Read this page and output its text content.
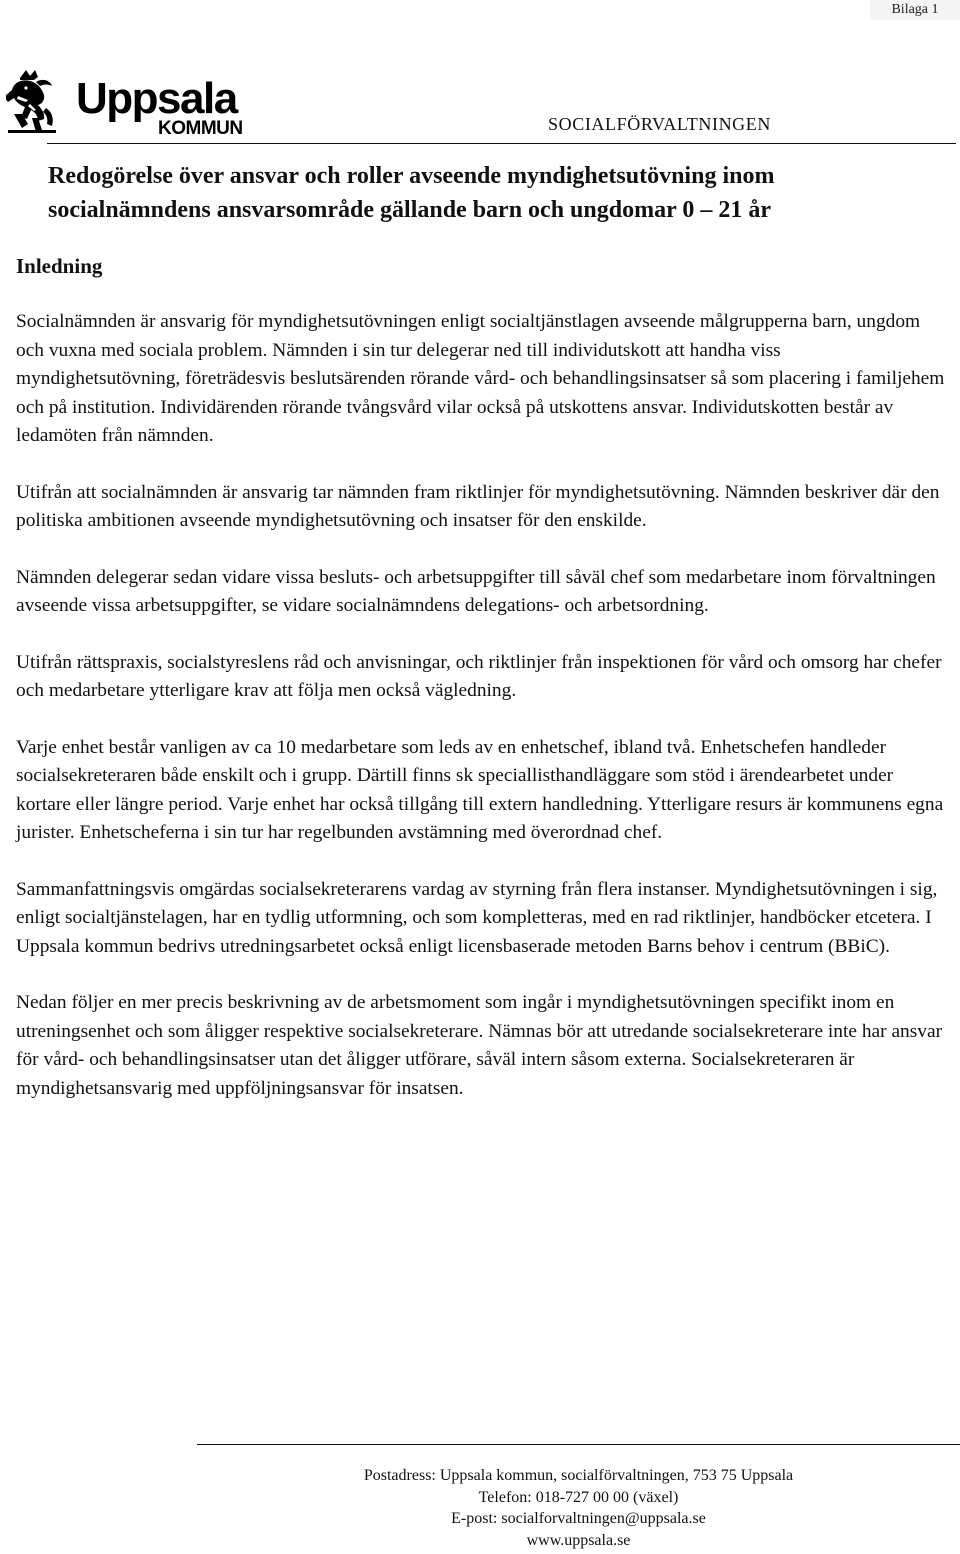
Bilaga 1
Uppsala
KOMMUN	SOCIALFÖRVALTNINGEN
Redogörelse över ansvar och roller avseende myndighetsutövning inom
socialnämndens ansvarsområde gällande barn och ungdomar 0 – 21 år
Inledning

Socialnämnden är ansvarig för myndighetsutövningen enligt socialtjänstlagen avseende målgrupperna barn, ungdom och vuxna med sociala problem. Nämnden i sin tur delegerar ned till individutskott att handha viss myndighetsutövning, företrädesvis beslutsärenden rörande vård- och behandlingsinsatser så som placering i familjehem och på institution. Individärenden rörande tvångsvård vilar också på utskottens ansvar. Individutskotten består av ledamöten från nämnden.

Utifrån att socialnämnden är ansvarig tar nämnden fram riktlinjer för myndighetsutövning. Nämnden beskriver där den politiska ambitionen avseende myndighetsutövning och insatser för den enskilde.

Nämnden delegerar sedan vidare vissa besluts- och arbetsuppgifter till såväl chef som medarbetare inom förvaltningen avseende vissa arbetsuppgifter, se vidare socialnämndens delegations- och arbetsordning.

Utifrån rättspraxis, socialstyreslens råd och anvisningar, och riktlinjer från inspektionen för vård och omsorg har chefer och medarbetare ytterligare krav att följa men också vägledning.

Varje enhet består vanligen av ca 10 medarbetare som leds av en enhetschef, ibland två. Enhetschefen handleder socialsekreteraren både enskilt och i grupp. Därtill finns sk speciallisthandläggare som stöd i ärendearbetet under kortare eller längre period. Varje enhet har också tillgång till extern handledning. Ytterligare resurs är kommunens egna jurister. Enhetscheferna i sin tur har regelbunden avstämning med överordnad chef.

Sammanfattningsvis omgärdas socialsekreterarens vardag av styrning från flera instanser. Myndighetsutövningen i sig, enligt socialtjänstelagen, har en tydlig utformning, och som kompletteras, med en rad riktlinjer, handböcker etcetera. I Uppsala kommun bedrivs utredningsarbetet också enligt licensbaserade metoden Barns behov i centrum (BBiC).

Nedan följer en mer precis beskrivning av de arbetsmoment som ingår i myndighetsutövningen specifikt inom en utreningsenhet och som åligger respektive socialsekreterare. Nämnas bör att utredande socialsekreterare inte har ansvar för vård- och behandlingsinsatser utan det åligger utförare, såväl intern såsom externa. Socialsekreteraren är myndighetsansvarig med uppföljningsansvar för insatsen.

Postadress: Uppsala kommun, socialförvaltningen, 753 75 Uppsala
Telefon: 018-727 00 00 (växel)
E-post: socialforvaltningen@uppsala.se
www.uppsala.se
